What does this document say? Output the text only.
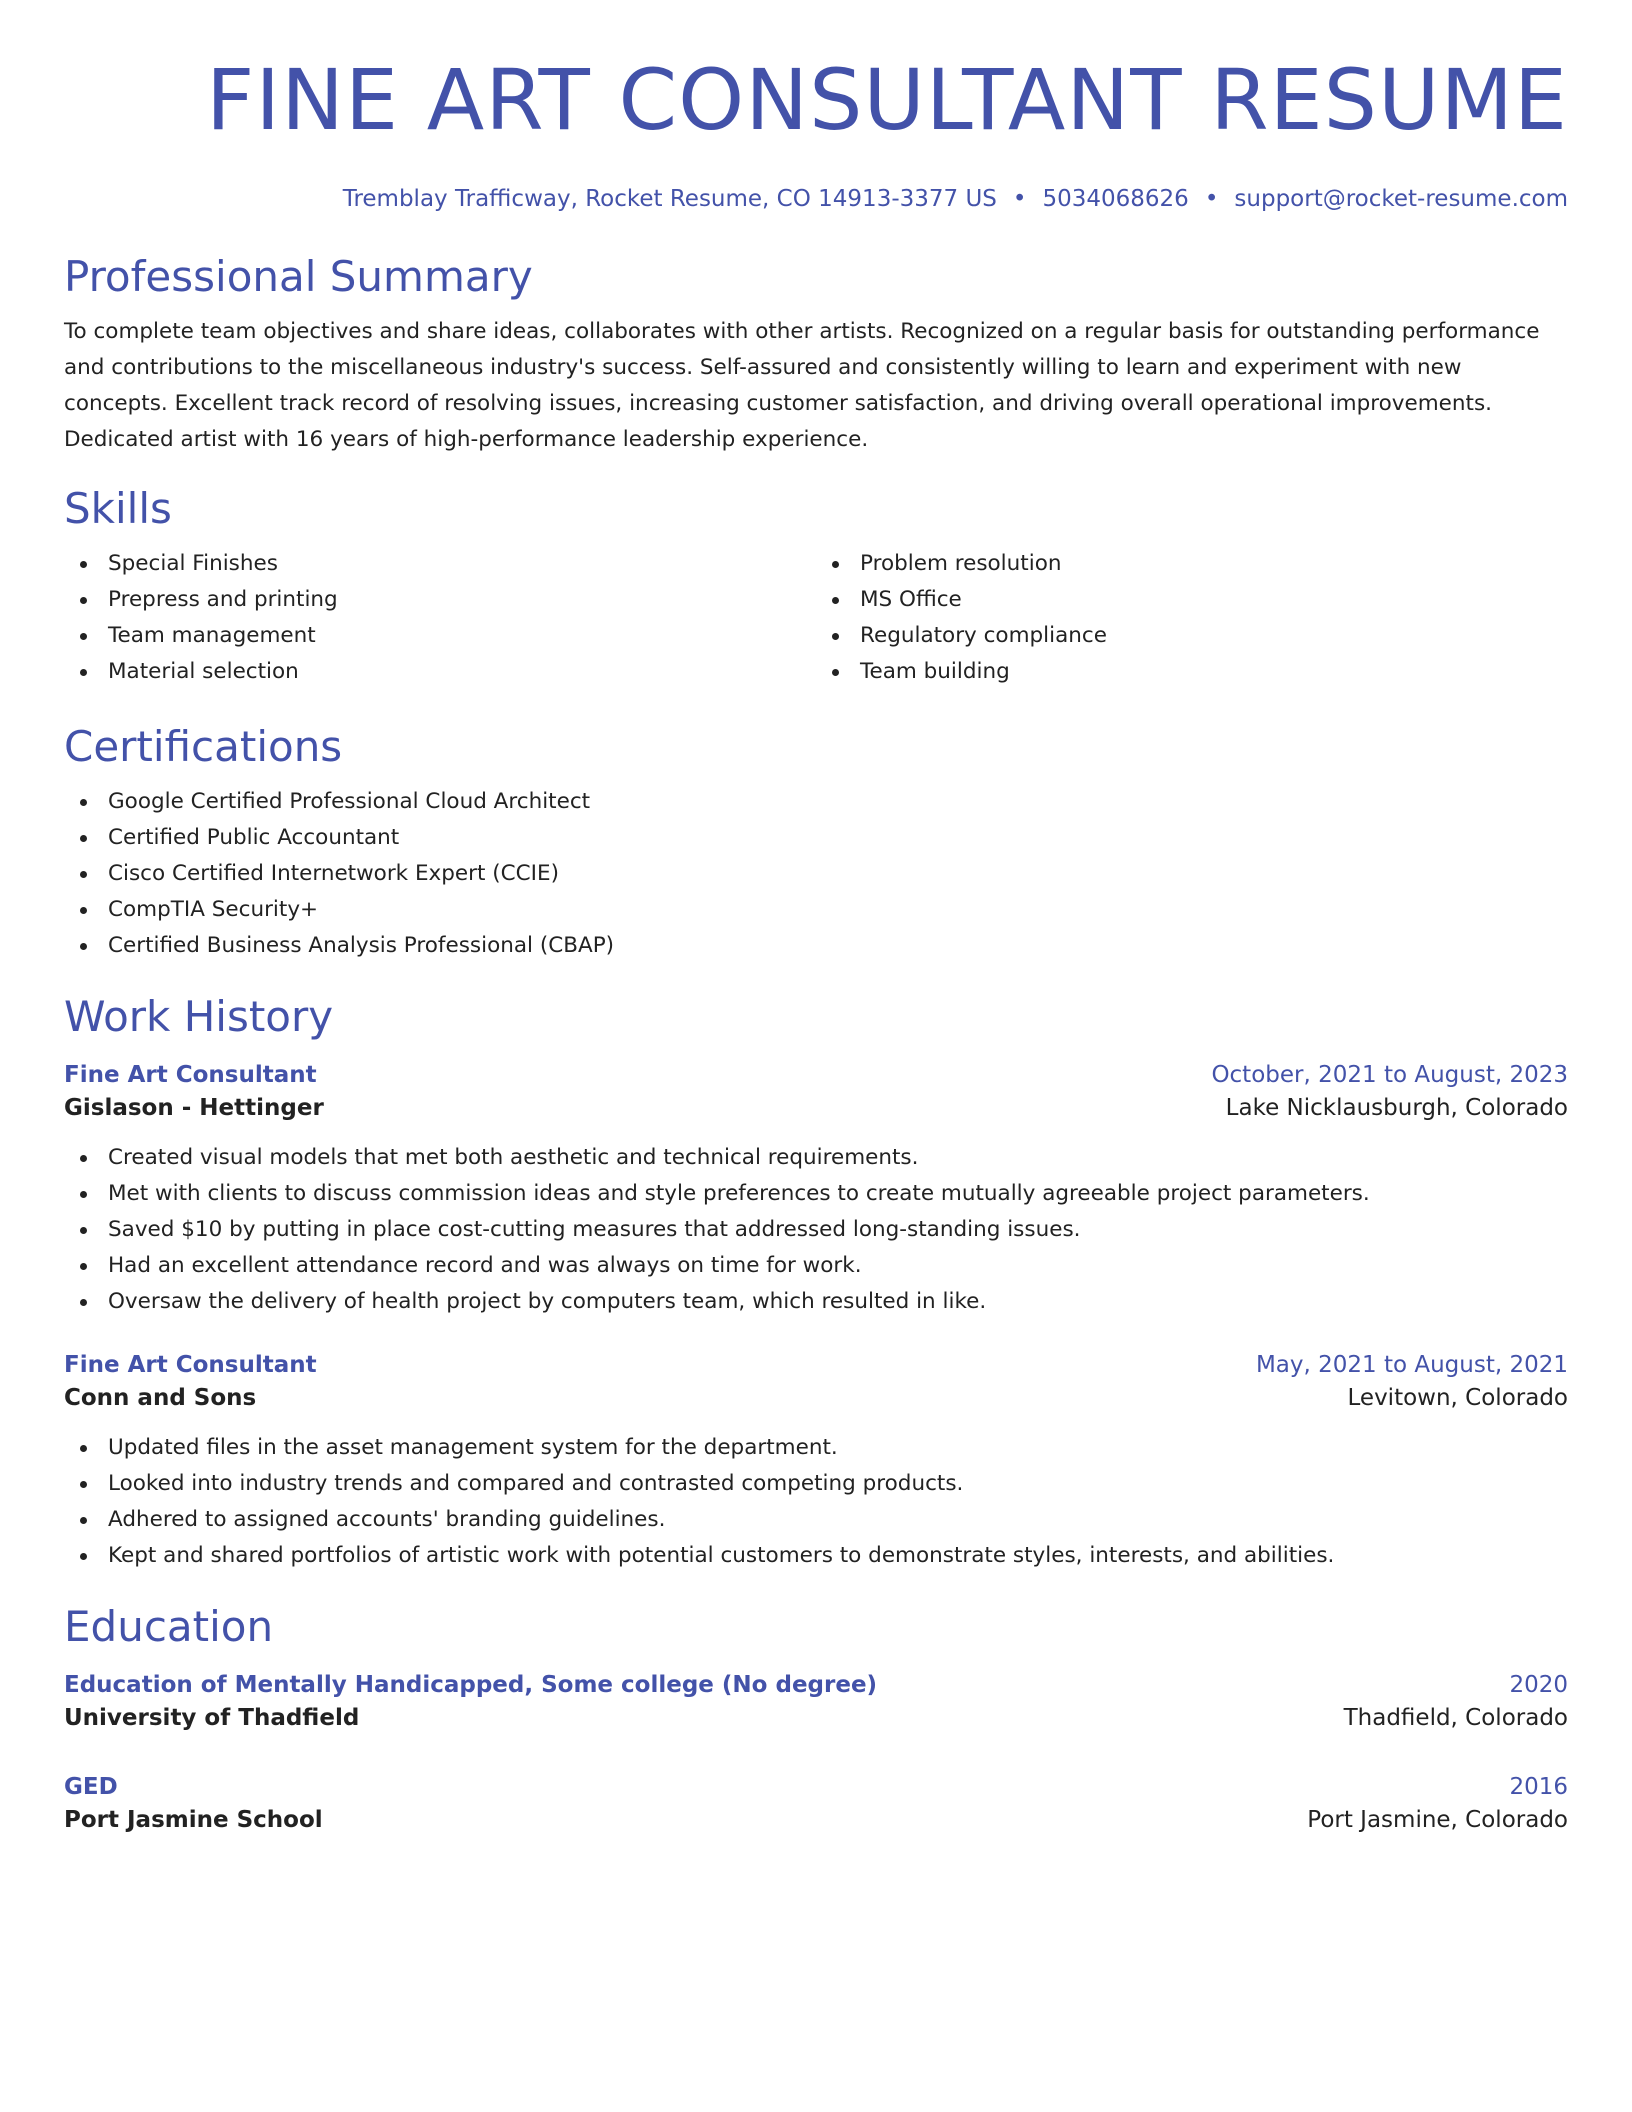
FINE ART CONSULTANT RESUME
Tremblay Trafficway, Rocket Resume, CO 14913-3377 US • 5034068626 • support@rocket-resume.com
Professional Summary
To complete team objectives and share ideas, collaborates with other artists. Recognized on a regular basis for outstanding performance and contributions to the miscellaneous industry's success. Self-assured and consistently willing to learn and experiment with new concepts. Excellent track record of resolving issues, increasing customer satisfaction, and driving overall operational improvements. Dedicated artist with 16 years of high-performance leadership experience.
Skills
Special Finishes
Prepress and printing
Team management
Material selection
Problem resolution
MS Office
Regulatory compliance
Team building
Certifications
Google Certified Professional Cloud Architect
Certified Public Accountant
Cisco Certified Internetwork Expert (CCIE)
CompTIA Security+
Certified Business Analysis Professional (CBAP)
Work History
Fine Art Consultant	October, 2021 to August, 2023
Gislason - Hettinger	Lake Nicklausburgh, Colorado
Created visual models that met both aesthetic and technical requirements.
Met with clients to discuss commission ideas and style preferences to create mutually agreeable project parameters.
Saved $10 by putting in place cost-cutting measures that addressed long-standing issues.
Had an excellent attendance record and was always on time for work.
Oversaw the delivery of health project by computers team, which resulted in like.
Fine Art Consultant	May, 2021 to August, 2021
Conn and Sons	Levitown, Colorado
Updated files in the asset management system for the department.
Looked into industry trends and compared and contrasted competing products.
Adhered to assigned accounts' branding guidelines.
Kept and shared portfolios of artistic work with potential customers to demonstrate styles, interests, and abilities.
Education
Education of Mentally Handicapped, Some college (No degree)	2020
University of Thadfield	Thadfield, Colorado
GED	2016
Port Jasmine School	Port Jasmine, Colorado
